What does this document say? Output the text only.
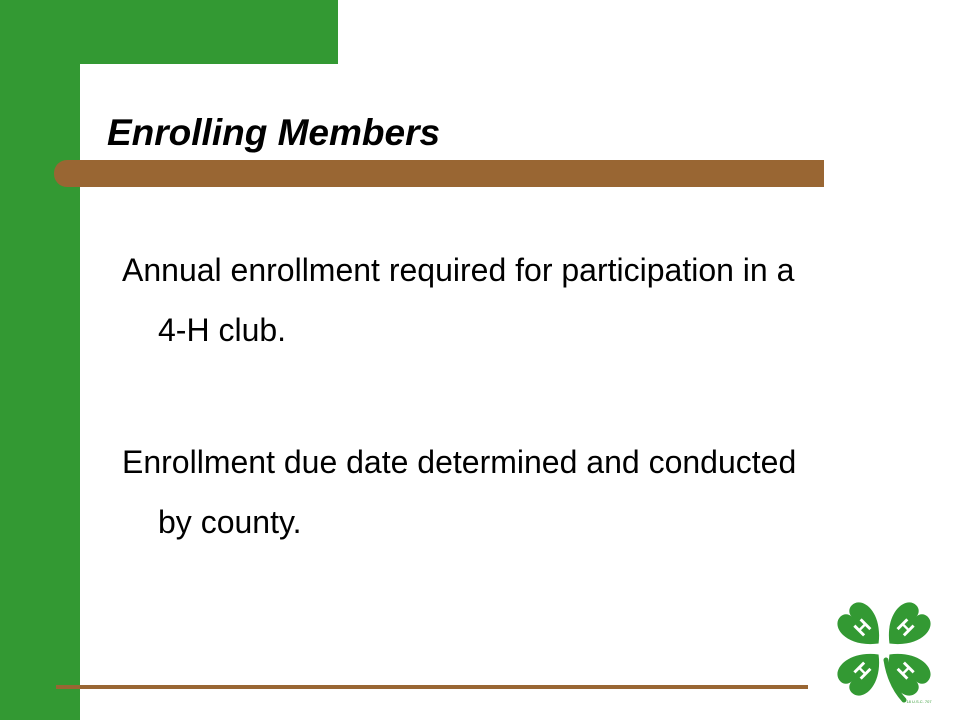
Enrolling Members

Annual enrollment required for participation in a 4-H club.

Enrollment due date determined and conducted by county.

H H
H H
18 U.S.C. 707
